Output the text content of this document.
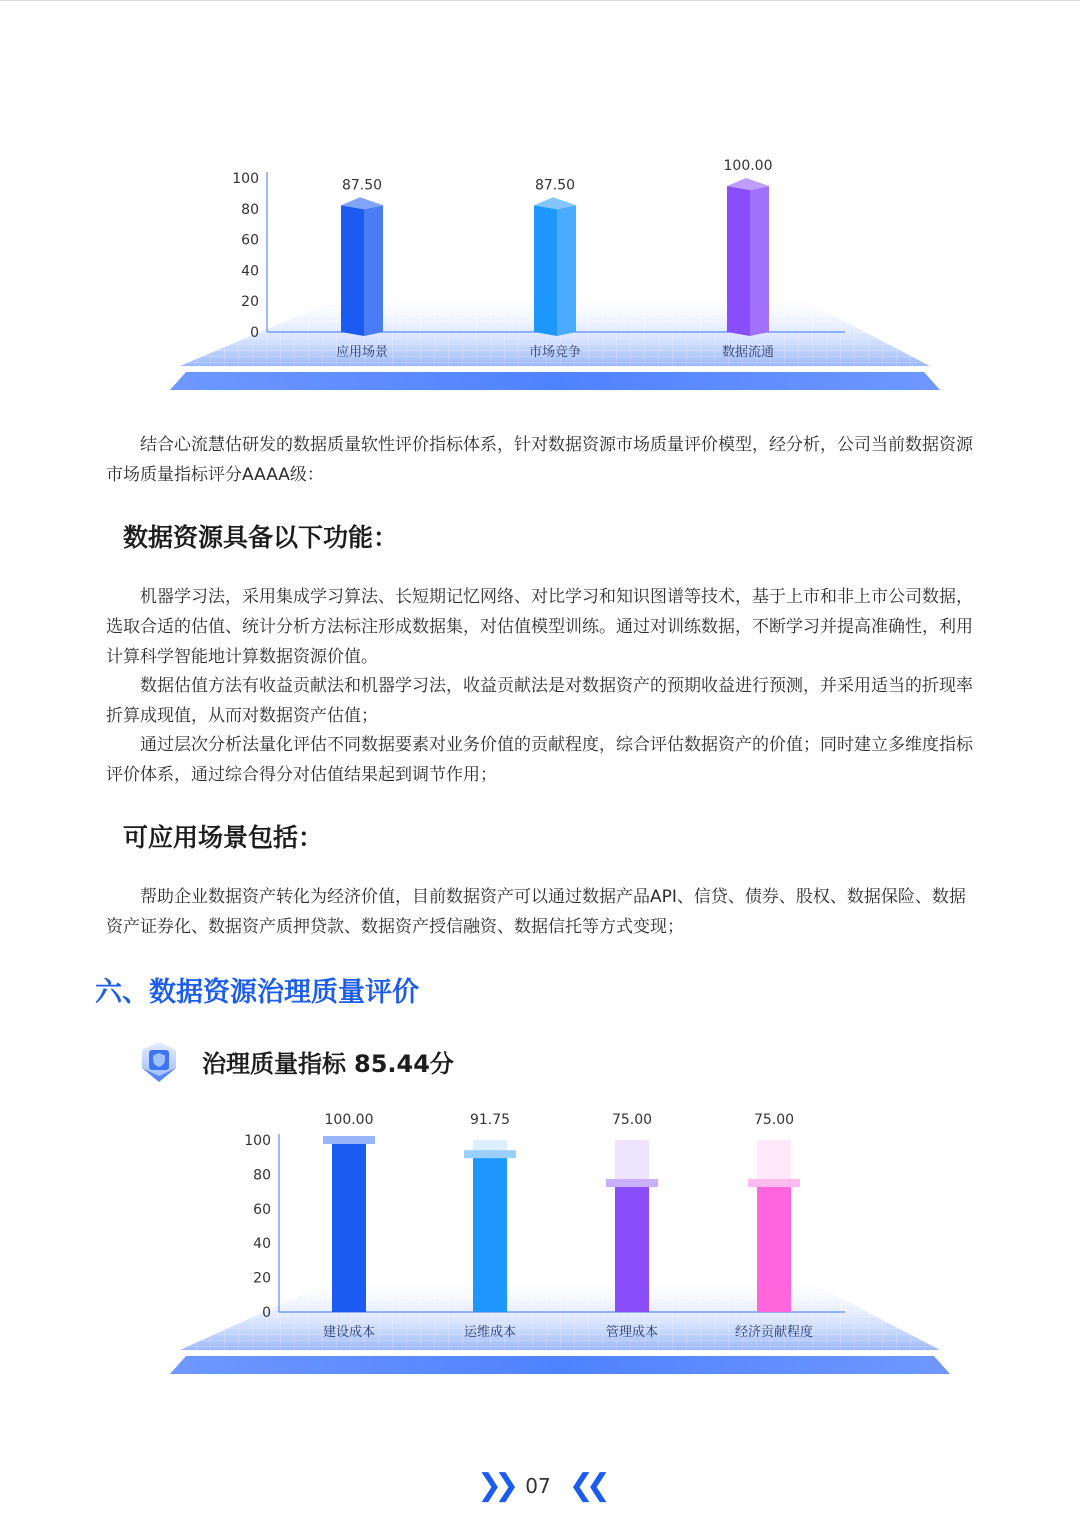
0
20
40
60
80
100
应用场景	市场竞争	数据流通
87.50	87.50
100.00

结合心流慧估研发的数据质量软性评价指标体系，针对数据资源市场质量评价模型，经分析，公司当前数据资源市场质量指标评分AAAA级：

数据资源具备以下功能：

机器学习法，采用集成学习算法、长短期记忆网络、对比学习和知识图谱等技术，基于上市和非上市公司数据，选取合适的估值、统计分析方法标注形成数据集，对估值模型训练。通过对训练数据，不断学习并提高准确性，利用计算科学智能地计算数据资源价值。

数据估值方法有收益贡献法和机器学习法，收益贡献法是对数据资产的预期收益进行预测，并采用适当的折现率折算成现值，从而对数据资产估值；

通过层次分析法量化评估不同数据要素对业务价值的贡献程度，综合评估数据资产的价值；同时建立多维度指标评价体系，通过综合得分对估值结果起到调节作用；

可应用场景包括：

帮助企业数据资产转化为经济价值，目前数据资产可以通过数据产品API、信贷、债券、股权、数据保险、数据资产证券化、数据资产质押贷款、数据资产授信融资、数据信托等方式变现；

六、数据资源治理质量评价
治理质量指标 85.44分
0
20
40
60
80
100
建设成本	运维成本	管理成本	经济贡献程度
100.00	91.75	75.00	75.00
❯❯ 07 ❮❮
